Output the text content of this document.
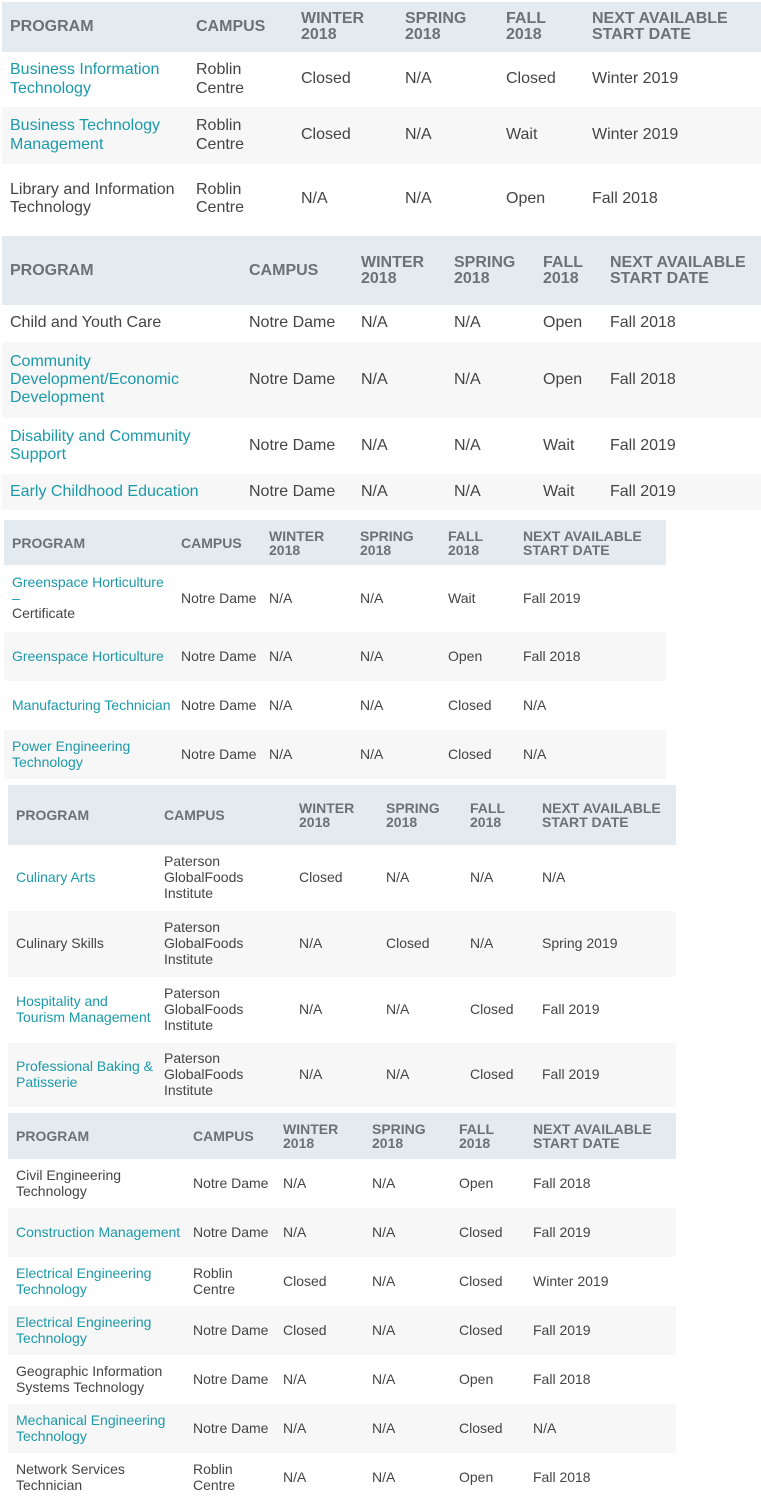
PROGRAM	CAMPUS	WINTER 2018	SPRING 2018	FALL 2018	NEXT AVAILABLE START DATE

Business Information Technology	Roblin Centre	Closed	N/A	Closed	Winter 2019

Business Technology Management	Roblin Centre	Closed	N/A	Wait	Winter 2019

Library and Information Technology	Roblin Centre	N/A	N/A	Open	Fall 2018
PROGRAM	CAMPUS	WINTER 2018	SPRING 2018	FALL 2018	NEXT AVAILABLE START DATE

Child and Youth Care	Notre Dame	N/A	N/A	Open	Fall 2018

Community Development/Economic Development	Notre Dame	N/A	N/A	Open	Fall 2018

Disability and Community Support	Notre Dame	N/A	N/A	Wait	Fall 2019

Early Childhood Education	Notre Dame	N/A	N/A	Wait	Fall 2019
PROGRAM	CAMPUS	WINTER 2018	SPRING 2018	FALL 2018	NEXT AVAILABLE START DATE

Greenspace Horticulture –
Certificate	Notre Dame	N/A	N/A	Wait	Fall 2019

Greenspace Horticulture	Notre Dame	N/A	N/A	Open	Fall 2018

Manufacturing Technician	Notre Dame	N/A	N/A	Closed	N/A

Power Engineering Technology	Notre Dame	N/A	N/A	Closed	N/A
PROGRAM	CAMPUS	WINTER 2018	SPRING 2018	FALL 2018	NEXT AVAILABLE START DATE

Culinary Arts	Paterson GlobalFoods Institute	Closed	N/A	N/A	N/A

Culinary Skills	Paterson GlobalFoods Institute	N/A	Closed	N/A	Spring 2019

Hospitality and Tourism Management	Paterson GlobalFoods Institute	N/A	N/A	Closed	Fall 2019

Professional Baking & Patisserie	Paterson GlobalFoods Institute	N/A	N/A	Closed	Fall 2019
PROGRAM	CAMPUS	WINTER 2018	SPRING 2018	FALL 2018	NEXT AVAILABLE START DATE

Civil Engineering Technology	Notre Dame	N/A	N/A	Open	Fall 2018

Construction Management	Notre Dame	N/A	N/A	Closed	Fall 2019

Electrical Engineering Technology	Roblin Centre	Closed	N/A	Closed	Winter 2019

Electrical Engineering Technology	Notre Dame	Closed	N/A	Closed	Fall 2019

Geographic Information Systems Technology	Notre Dame	N/A	N/A	Open	Fall 2018

Mechanical Engineering Technology	Notre Dame	N/A	N/A	Closed	N/A

Network Services Technician	Roblin Centre	N/A	N/A	Open	Fall 2018
